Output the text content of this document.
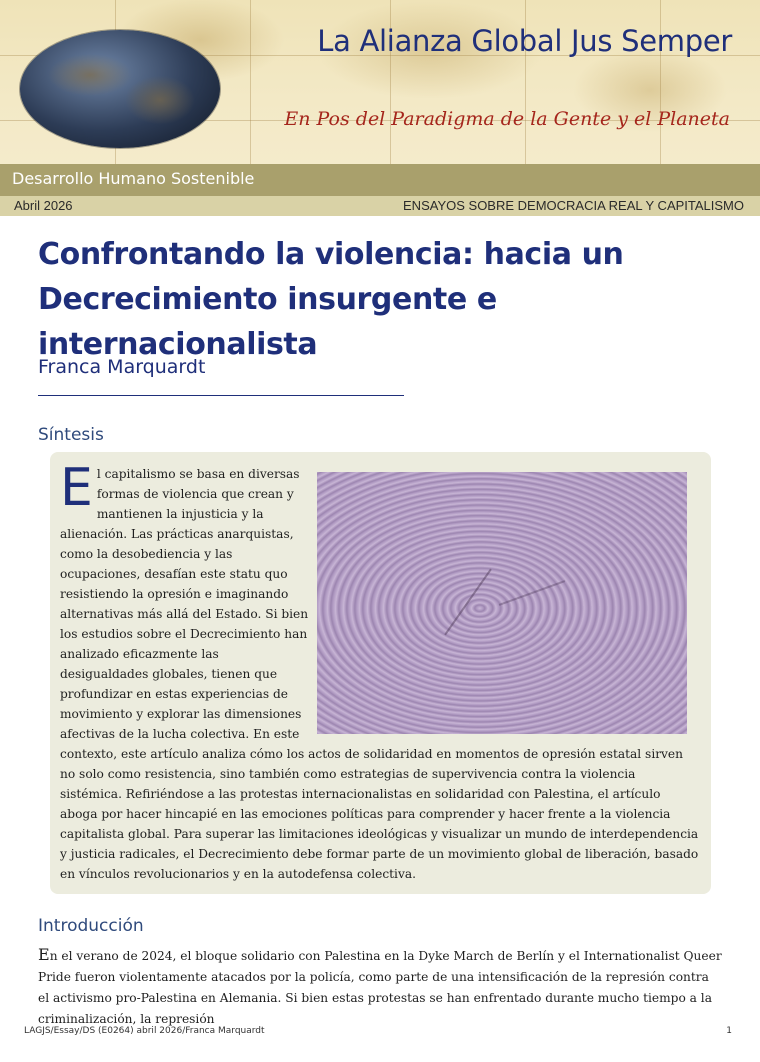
La Alianza Global Jus Semper
En Pos del Paradigma de la Gente y el Planeta
Desarrollo Humano Sostenible
Abril 2026	ENSAYOS SOBRE DEMOCRACIA REAL Y CAPITALISMO
Confrontando la violencia: hacia un Decrecimiento insurgente e internacionalista
Franca Marquardt
Síntesis
E l capitalismo se basa en diversas formas de violencia que crean y mantienen la injusticia y la alienación. Las prácticas anarquistas, como la desobediencia y las ocupaciones, desafían este statu quo resistiendo la opresión e imaginando alternativas más allá del Estado. Si bien los estudios sobre el Decrecimiento han analizado eficazmente las desigualdades globales, tienen que profundizar en estas experiencias de movimiento y explorar las dimensiones afectivas de la lucha colectiva. En este contexto, este artículo analiza cómo los actos de solidaridad en momentos de opresión estatal sirven no solo como resistencia, sino también como estrategias de supervivencia contra la violencia sistémica. Refiriéndose a las protestas internacionalistas en solidaridad con Palestina, el artículo aboga por hacer hincapié en las emociones políticas para comprender y hacer frente a la violencia capitalista global. Para superar las limitaciones ideológicas y visualizar un mundo de interdependencia y justicia radicales, el Decrecimiento debe formar parte de un movimiento global de liberación, basado en vínculos revolucionarios y en la autodefensa colectiva.
Introducción

En el verano de 2024, el bloque solidario con Palestina en la Dyke March de Berlín y el Internationalist Queer Pride fueron violentamente atacados por la policía, como parte de una intensificación de la represión contra el activismo pro-Palestina en Alemania. Si bien estas protestas se han enfrentado durante mucho tiempo a la criminalización, la represión

LAGJS/Essay/DS (E0264) abril 2026/Franca Marquardt	1
